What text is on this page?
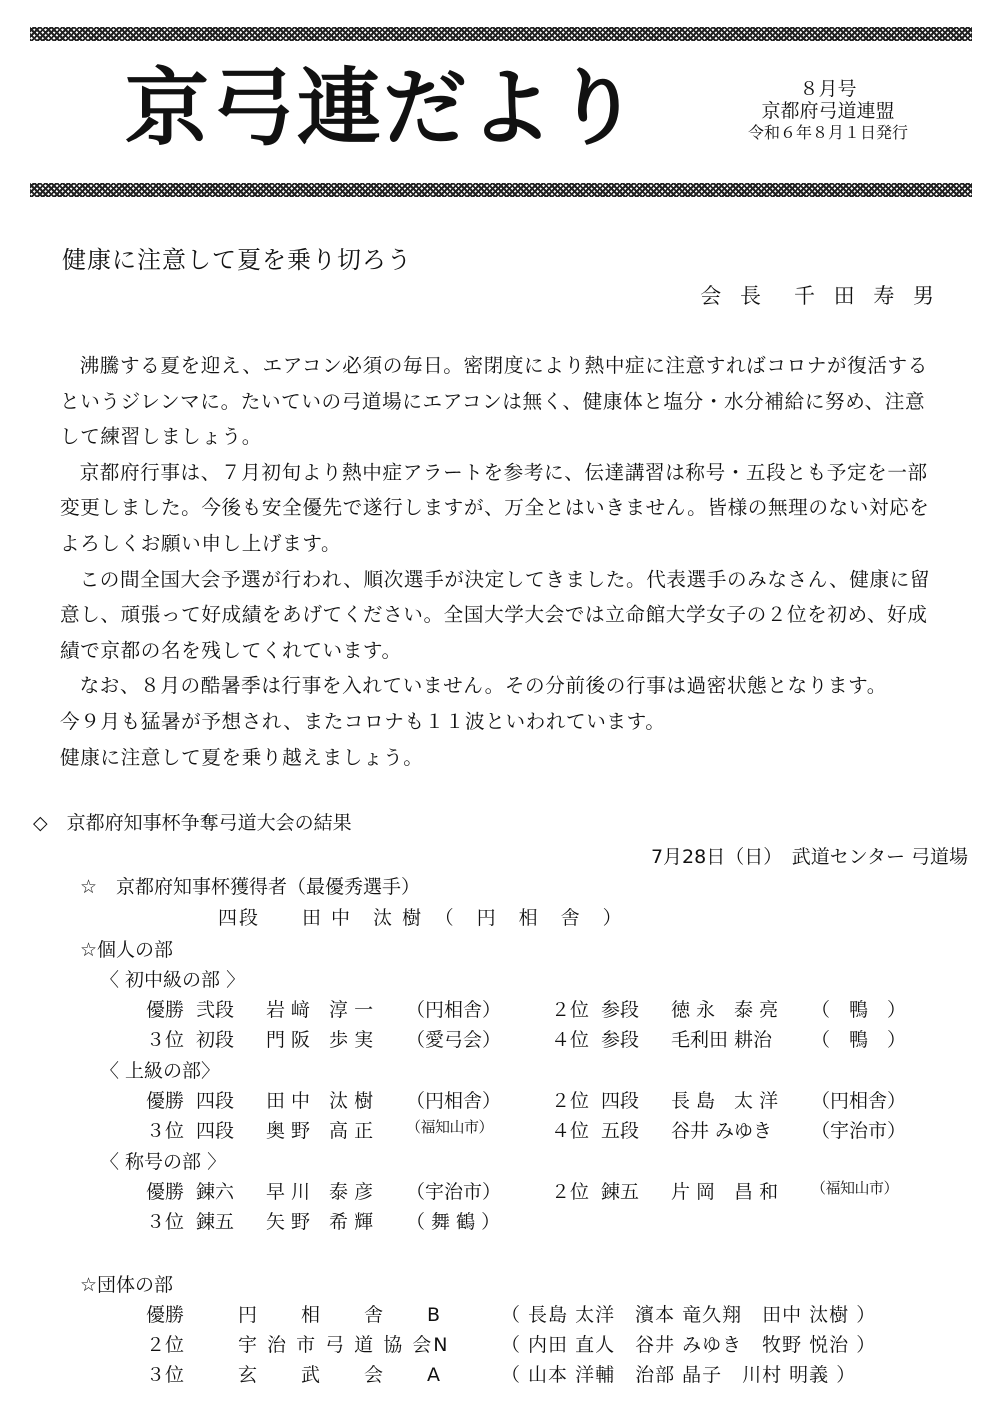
京弓連だより	８月号
京都府弓道連盟
令和６年８月１日発行
健康に注意して夏を乗り切ろう
会 長　千 田 寿 男

沸騰する夏を迎え、エアコン必須の毎日。密閉度により熱中症に注意すればコロナが復活するというジレンマに。たいていの弓道場にエアコンは無く、健康体と塩分・水分補給に努め、注意して練習しましょう。

京都府行事は、７月初旬より熱中症アラートを参考に、伝達講習は称号・五段とも予定を一部変更しました。今後も安全優先で遂行しますが、万全とはいきません。皆様の無理のない対応をよろしくお願い申し上げます。

この間全国大会予選が行われ、順次選手が決定してきました。代表選手のみなさん、健康に留意し、頑張って好成績をあげてください。全国大学大会では立命館大学女子の２位を初め、好成績で京都の名を残してくれています。

なお、８月の酷暑季は行事を入れていません。その分前後の行事は過密状態となります。

今９月も猛暑が予想され、またコロナも１１波といわれています。

健康に注意して夏を乗り越えましょう。

◇　京都府知事杯争奪弓道大会の結果
7月28日（日）　武道センター 弓道場
☆　京都府知事杯獲得者（最優秀選手）
四段　　田 中　汰 樹　（　円　相　舎　）
☆個人の部
〈 初中級の部 〉
優勝 弐段	岩 﨑　淳 一	（円相舎）	２位 参段	徳 永　泰 亮	（　鴨　）
３位 初段	門 阪　歩 実	（愛弓会）	４位 参段	毛利田 耕治	（　鴨　）
〈 上級の部〉
優勝 四段	田 中　汰 樹	（円相舎）	２位 四段	長 島　太 洋	（円相舎）
３位 四段	奥 野　高 正	（福知山市）	４位 五段	谷井 みゆき	（宇治市）
〈 称号の部 〉
優勝 錬六	早 川　泰 彦	（宇治市）	２位 錬五	片 岡　昌 和	（福知山市）
３位 錬五	矢 野　希 輝	（ 舞 鶴 ）
☆団体の部
優勝	円　　相　　舎　　B	（ 長島 太洋　濱本 竜久翔　田中 汰樹 ）
２位	宇 治 市 弓 道 協 会N	（ 内田 直人　谷井 みゆき　牧野 悦治 ）
３位	玄　　武　　会　　A	（ 山本 洋輔　治部 晶子　川村 明義 ）
